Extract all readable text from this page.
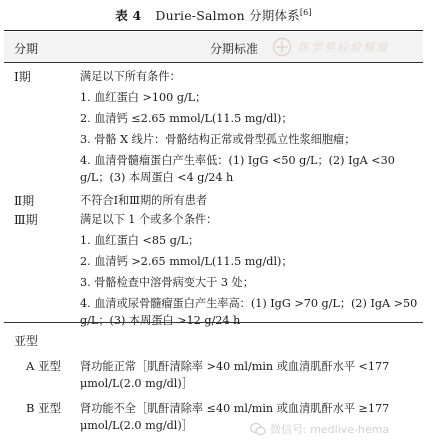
表 4 Durie-Salmon 分期体系[6]
分期	分期标准	医学界检验频道
Ⅰ期	满足以下所有条件：
1. 血红蛋白 >100 g/L；
2. 血清钙 ≤2.65 mmol/L(11.5 mg/dl)；
3. 骨骼 X 线片：骨骼结构正常或骨型孤立性浆细胞瘤；
4. 血清骨髓瘤蛋白产生率低：(1) IgG <50 g/L；(2) IgA <30 g/L；(3) 本周蛋白 <4 g/24 h
Ⅱ期	不符合Ⅰ和Ⅲ期的所有患者
Ⅲ期	满足以下 1 个或多个条件：
1. 血红蛋白 <85 g/L；
2. 血清钙 >2.65 mmol/L(11.5 mg/dl)；
3. 骨骼检查中溶骨病变大于 3 处；
4. 血清或尿骨髓瘤蛋白产生率高：(1) IgG >70 g/L；(2) IgA >50 g/L；(3) 本周蛋白 >12 g/24 h
亚型
A 亚型 肾功能正常［肌酐清除率 >40 ml/min 或血清肌酐水平 <177 μmol/L(2.0 mg/dl)］
B 亚型 肾功能不全［肌酐清除率 ≤40 ml/min 或血清肌酐水平 ≥177 μmol/L(2.0 mg/dl)］	微信号: medlive-hema
